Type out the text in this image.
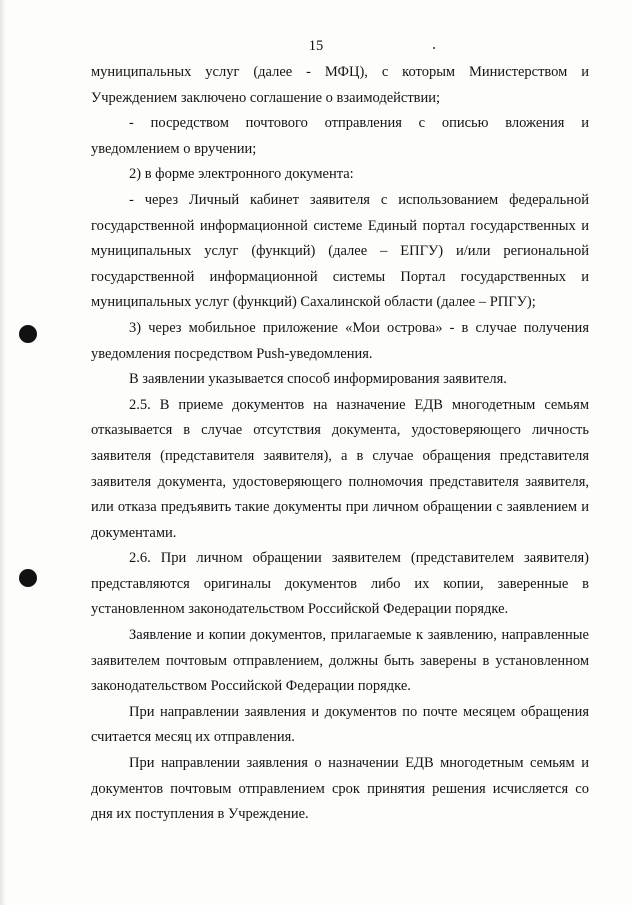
15

муниципальных услуг (далее - МФЦ), с которым Министерством и Учреждением заключено соглашение о взаимодействии;

- посредством почтового отправления с описью вложения и уведомлением о вручении;

2) в форме электронного документа:

- через Личный кабинет заявителя с использованием федеральной государственной информационной системе Единый портал государственных и муниципальных услуг (функций) (далее – ЕПГУ) и/или региональной государственной информационной системы Портал государственных и муниципальных услуг (функций) Сахалинской области (далее – РПГУ);

3) через мобильное приложение «Мои острова» - в случае получения уведомления посредством Push-уведомления.

В заявлении указывается способ информирования заявителя.

2.5. В приеме документов на назначение ЕДВ многодетным семьям отказывается в случае отсутствия документа, удостоверяющего личность заявителя (представителя заявителя), а в случае обращения представителя заявителя документа, удостоверяющего полномочия представителя заявителя, или отказа предъявить такие документы при личном обращении с заявлением и документами.

2.6. При личном обращении заявителем (представителем заявителя) представляются оригиналы документов либо их копии, заверенные в установленном законодательством Российской Федерации порядке.

Заявление и копии документов, прилагаемые к заявлению, направленные заявителем почтовым отправлением, должны быть заверены в установленном законодательством Российской Федерации порядке.

При направлении заявления и документов по почте месяцем обращения считается месяц их отправления.

При направлении заявления о назначении ЕДВ многодетным семьям и документов почтовым отправлением срок принятия решения исчисляется со дня их поступления в Учреждение.
